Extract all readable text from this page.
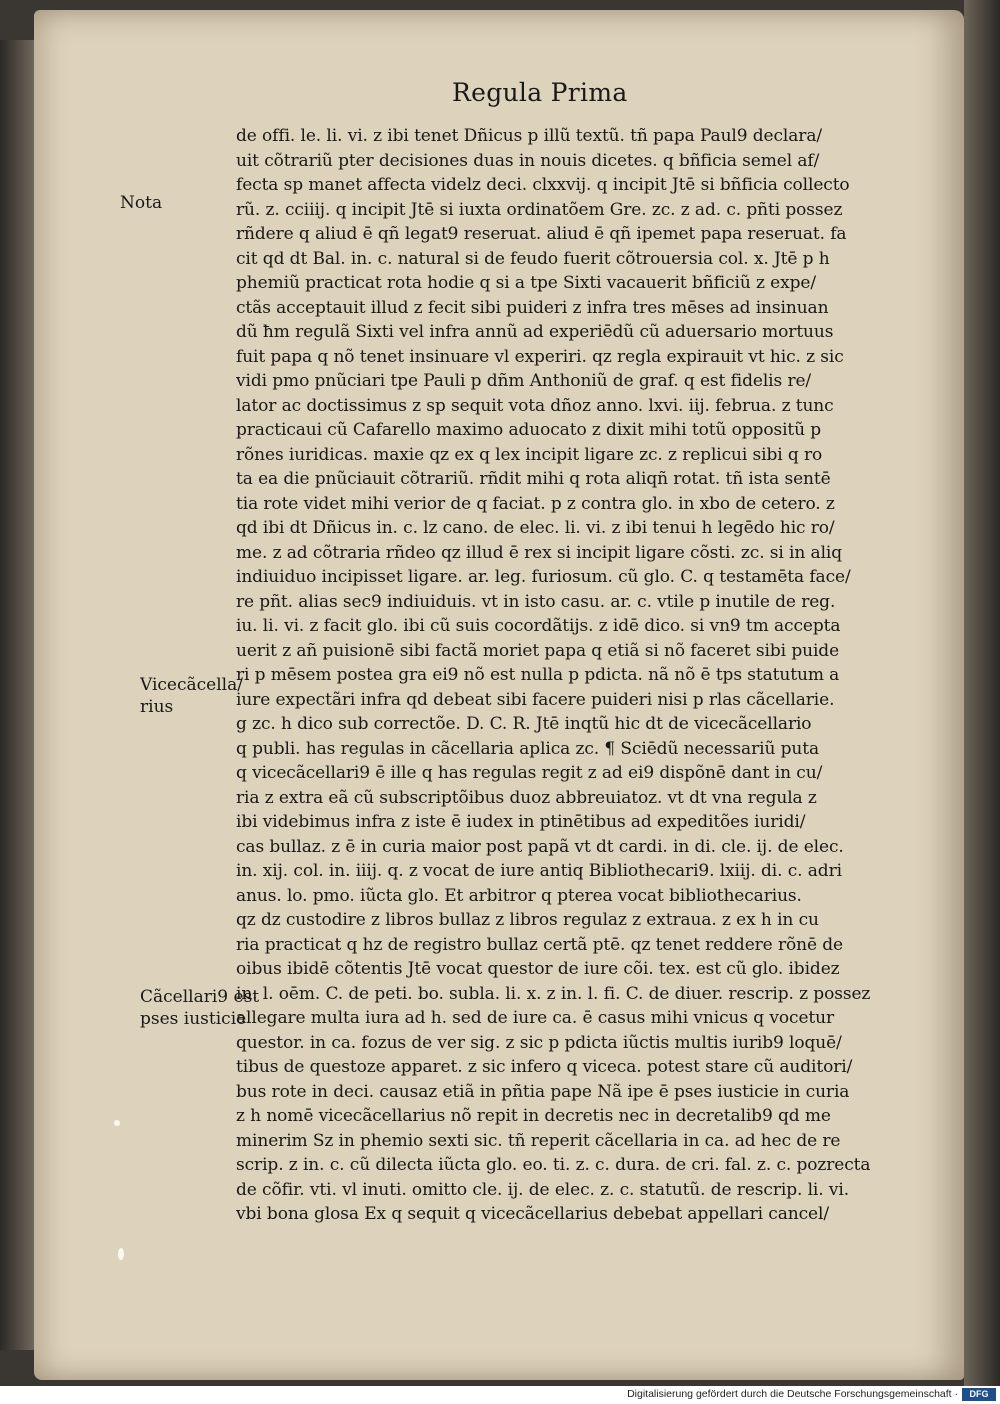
Regula Prima
de offi. le. li. vi. z ibi tenet Dñicus p illũ textũ. tñ papa Paul9 declara/
uit cõtrariũ pter decisiones duas in nouis dicetes. q bñficia semel af/
fecta sp manet affecta videlz deci. clxxvij. q incipit Jtē si bñficia collecto
rũ. z. cciiij. q incipit Jtē si iuxta ordinatõem Gre. zc. z ad. c. pñti possez
rñdere q aliud ē qñ legat9 reseruat. aliud ē qñ ipemet papa reseruat. fa
cit qd dt Bal. in. c. natural si de feudo fuerit cõtrouersia col. x. Jtē p h
phemiũ practicat rota hodie q si a tpe Sixti vacauerit bñficiũ z expe/
ctãs acceptauit illud z fecit sibi puideri z infra tres mēses ad insinuan
dũ ħm regulã Sixti vel infra annũ ad experiēdũ cũ aduersario mortuus
fuit papa q nõ tenet insinuare vl experiri. qz regla expirauit vt hic. z sic
vidi pmo pnũciari tpe Pauli p dñm Anthoniũ de graf. q est fidelis re/
lator ac doctissimus z sp sequit vota dñoz anno. lxvi. iij. februa. z tunc
practicaui cũ Cafarello maximo aduocato z dixit mihi totũ oppositũ p
rõnes iuridicas. maxie qz ex q lex incipit ligare zc. z replicui sibi q ro
ta ea die pnũciauit cõtrariũ. rñdit mihi q rota aliqñ rotat. tñ ista sentē
tia rote videt mihi verior de q faciat. p z contra glo. in xbo de cetero. z
qd ibi dt Dñicus in. c. lz cano. de elec. li. vi. z ibi tenui h legēdo hic ro/
me. z ad cõtraria rñdeo qz illud ē rex si incipit ligare cõsti. zc. si in aliq
indiuiduo incipisset ligare. ar. leg. furiosum. cũ glo. C. q testamēta face/
re pñt. alias sec9 indiuiduis. vt in isto casu. ar. c. vtile p inutile de reg.
iu. li. vi. z facit glo. ibi cũ suis cocordãtijs. z idē dico. si vn9 tm accepta
uerit z añ puisionē sibi factã moriet papa q etiã si nõ faceret sibi puide
ri p mēsem postea gra ei9 nõ est nulla p pdicta. nã nõ ē tps statutum a
iure expectãri infra qd debeat sibi facere puideri nisi p rlas cãcellarie.
g zc. h dico sub correctõe. D. C. R. Jtē inqtũ hic dt de vicecãcellario
q publi. has regulas in cãcellaria aplica zc. ¶ Sciēdũ necessariũ puta
q vicecãcellari9 ē ille q has regulas regit z ad ei9 dispõnē dant in cu/
ria z extra eã cũ subscriptõibus duoz abbreuiatoz. vt dt vna regula z
ibi videbimus infra z iste ē iudex in ptinētibus ad expeditões iuridi/
cas bullaz. z ē in curia maior post papã vt dt cardi. in di. cle. ij. de elec.
in. xij. col. in. iiij. q. z vocat de iure antiq Bibliothecari9. lxiij. di. c. adri
anus. lo. pmo. iũcta glo. Et arbitror q pterea vocat bibliothecarius.
qz dz custodire z libros bullaz z libros regulaz z extraua. z ex h in cu
ria practicat q hz de registro bullaz certã ptē. qz tenet reddere rõnē de
oibus ibidē cõtentis Jtē vocat questor de iure cõi. tex. est cũ glo. ibidez
in. l. oēm. C. de peti. bo. subla. li. x. z in. l. fi. C. de diuer. rescrip. z possez
allegare multa iura ad h. sed de iure ca. ē casus mihi vnicus q vocetur
questor. in ca. fozus de ver sig. z sic p pdicta iũctis multis iurib9 loquē/
tibus de questoze apparet. z sic infero q viceca. potest stare cũ auditori/
bus rote in deci. causaz etiã in pñtia pape Nã ipe ē pses iusticie in curia
z h nomē vicecãcellarius nõ repit in decretis nec in decretalib9 qd me
minerim Sz in phemio sexti sic. tñ reperit cãcellaria in ca. ad hec de re
scrip. z in. c. cũ dilecta iũcta glo. eo. ti. z. c. dura. de cri. fal. z. c. pozrecta
de cõfir. vti. vl inuti. omitto cle. ij. de elec. z. c. statutũ. de rescrip. li. vi.
vbi bona glosa Ex q sequit q vicecãcellarius debebat appellari cancel/
Nota
Vicecãcella/
rius
Cãcellari9 est
pses iusticie
Digitalisierung gefördert durch die Deutsche Forschungsgemeinschaft ·	DFG
